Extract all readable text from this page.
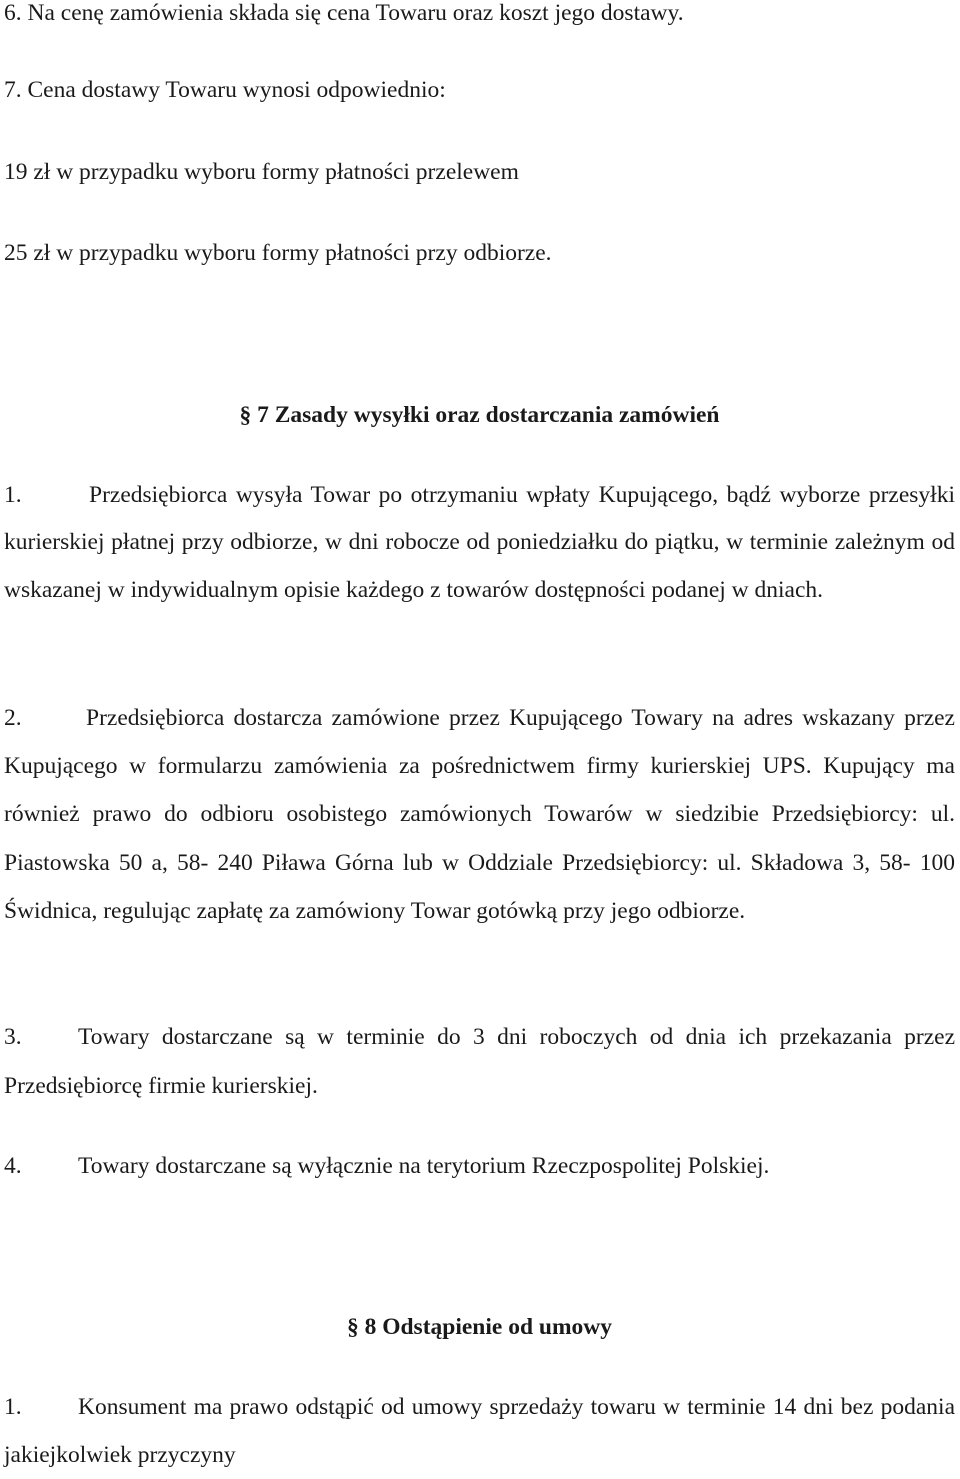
6. Na cenę zamówienia składa się cena Towaru oraz koszt jego dostawy.
7. Cena dostawy Towaru wynosi odpowiednio:
19 zł w przypadku wyboru formy płatności przelewem
25 zł w przypadku wyboru formy płatności przy odbiorze.
§ 7 Zasady wysyłki oraz dostarczania zamówień
1.	Przedsiębiorca wysyła Towar po otrzymaniu wpłaty Kupującego, bądź wyborze przesyłki kurierskiej płatnej przy odbiorze, w dni robocze od poniedziałku do piątku, w terminie zależnym od wskazanej w indywidualnym opisie każdego z towarów dostępności podanej w dniach.
2.	Przedsiębiorca dostarcza zamówione przez Kupującego Towary na adres wskazany przez Kupującego w formularzu zamówienia za pośrednictwem firmy kurierskiej UPS. Kupujący ma również prawo do odbioru osobistego zamówionych Towarów w siedzibie Przedsiębiorcy: ul. Piastowska 50 a, 58- 240 Piława Górna lub w Oddziale Przedsiębiorcy: ul. Składowa 3, 58- 100 Świdnica, regulując zapłatę za zamówiony Towar gotówką przy jego odbiorze.
3. Towary dostarczane są w terminie do 3 dni roboczych od dnia ich przekazania przez Przedsiębiorcę firmie kurierskiej.
4. Towary dostarczane są wyłącznie na terytorium Rzeczpospolitej Polskiej.
§ 8 Odstąpienie od umowy
1. Konsument ma prawo odstąpić od umowy sprzedaży towaru w terminie 14 dni bez podania jakiejkolwiek przyczyny
